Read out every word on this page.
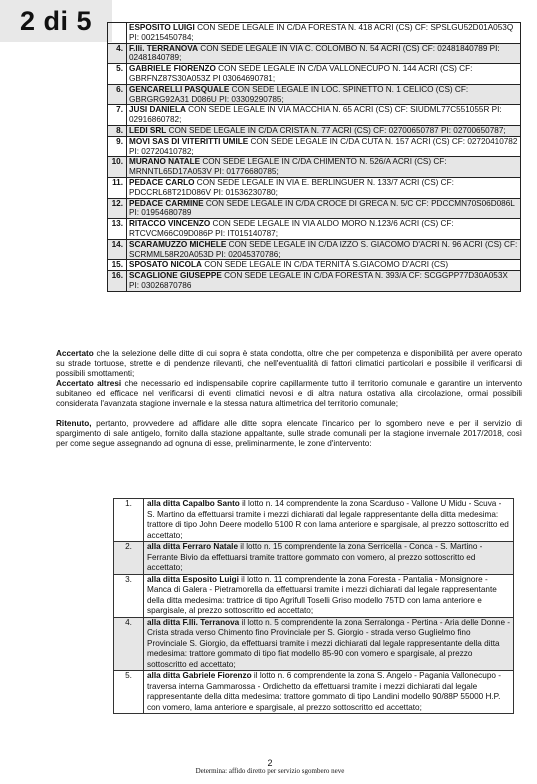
2 di 5
		ESPOSITO LUIGI CON SEDE LEGALE IN C/DA FORESTA N. 418 ACRI (CS) CF: SPSLGU52D01A053Q PI: 00215450784;
4.	F.lli. TERRANOVA CON SEDE LEGALE IN VIA C. COLOMBO N. 54 ACRI (CS) CF: 02481840789 PI: 02481840789;
5.	GABRIELE FIORENZO CON SEDE LEGALE IN C/DA VALLONECUPO N. 144 ACRI (CS) CF: GBRFNZ87S30A053Z PI 03064690781;
6.	GENCARELLI PASQUALE CON SEDE LEGALE IN LOC. SPINETTO N. 1 CELICO (CS) CF: GBRGRG92A31 D086U PI: 03309290785;
7.	JUSI DANIELA CON SEDE LEGALE IN VIA MACCHIA N. 65 ACRI (CS) CF: SIUDML77C551055R PI: 02916860782;
8.	LEDI SRL CON SEDE LEGALE IN C/DA CRISTA N. 77 ACRI (CS) CF: 02700650787 PI: 02700650787;
9.	MOVI SAS DI VITERITTI UMILE CON SEDE LEGALE IN C/DA CUTA N. 157 ACRI (CS) CF: 02720410782 PI: 02720410782;
10.	MURANO NATALE CON SEDE LEGALE IN C/DA CHIMENTO N. 526/A ACRI (CS) CF: MRNNTL65D17A053V PI: 01776680785;
11.	PEDACE CARLO CON SEDE LEGALE IN VIA E. BERLINGUER N. 133/7 ACRI (CS) CF: PDCCRL68T21D086V PI: 01536230780;
12.	PEDACE CARMINE CON SEDE LEGALE IN C/DA CROCE DI GRECA N. 5/C CF: PDCCMN70S06D086L PI: 01954680789
13.	RITACCO VINCENZO CON SEDE LEGALE IN VIA ALDO MORO N.123/6 ACRI (CS) CF: RTCVCM66C09D086P PI: IT015140787;
14.	SCARAMUZZO MICHELE CON SEDE LEGALE IN C/DA IZZO S. GIACOMO D'ACRI N. 96 ACRI (CS) CF: SCRMML58R20A053D PI: 02045370786;
15.	SPOSATO NICOLA CON SEDE LEGALE IN C/DA TERNITÀ S.GIACOMO D'ACRI (CS)
16.	SCAGLIONE GIUSEPPE CON SEDE LEGALE IN C/DA FORESTA N. 393/A CF: SCGGPP77D30A053X PI: 03026870786

Accertato che la selezione delle ditte di cui sopra è stata condotta, oltre che per competenza e disponibilità per avere operato su strade tortuose, strette e di pendenze rilevanti, che nell'eventualità di fattori climatici particolari e possibile il verificarsi di possibili smottamenti;

Accertato altresi che necessario ed indispensabile coprire capillarmente tutto il territorio comunale e garantire un intervento subitaneo ed efficace nel verificarsi di eventi climatici nevosi e di altra natura ostativa alla circolazione, ormai possibili considerata l'avanzata stagione invernale e la stessa natura altimetrica del territorio comunale;

Ritenuto, pertanto, provvedere ad affidare alle ditte sopra elencate l'incarico per lo sgombero neve e per il servizio di spargimento di sale antigelo, fornito dalla stazione appaltante, sulle strade comunali per la stagione invernale 2017/2018, così per come segue assegnando ad ognuna di esse, preliminarmente, le zone d'intervento:

1.	alla ditta Capalbo Santo il lotto n. 14 comprendente la zona Scarduso - Vallone U Midu - Scuva - S. Martino da effettuarsi tramite i mezzi dichiarati dal legale rappresentante della ditta medesima: trattore di tipo John Deere modello 5100 R con lama anteriore e spargisale, al prezzo sottoscritto ed accettato;
2.	alla ditta Ferraro Natale il lotto n. 15 comprendente la zona Serricella - Conca - S. Martino - Ferrante Bivio da effettuarsi tramite trattore gommato con vomero, al prezzo sottoscritto ed accettato;
3.	alla ditta Esposito Luigi il lotto n. 11 comprendente la zona Foresta - Pantalia - Monsignore - Manca di Galera - Pietramorella da effettuarsi tramite i mezzi dichiarati dal legale rappresentante della ditta medesima: trattrice di tipo Agrifull Toselli Griso modello 75TD con lama anteriore e spargisale, al prezzo sottoscritto ed accettato;
4.	alla ditta F.lli. Terranova il lotto n. 5 comprendente la zona Serralonga - Pertina - Aria delle Donne - Crista strada verso Chimento fino Provinciale per S. Giorgio - strada verso Guglielmo fino Provinciale S. Giorgio, da effettuarsi tramite i mezzi dichiarati dal legale rappresentante della ditta medesima: trattore gommato di tipo fiat modello 85-90 con vomero e spargisale, al prezzo sottoscritto ed accettato;
5.	alla ditta Gabriele Fiorenzo il lotto n. 6 comprendente la zona S. Angelo - Pagania Vallonecupo - traversa interna Gammarossa - Ordichetto da effettuarsi tramite i mezzi dichiarati dal legale rappresentante della ditta medesima: trattore gommato di tipo Landini modello 90/88P 55000 H.P. con vomero, lama anteriore e spargisale, al prezzo sottoscritto ed accettato;
2
Determina: affido diretto per servizio sgombero neve
